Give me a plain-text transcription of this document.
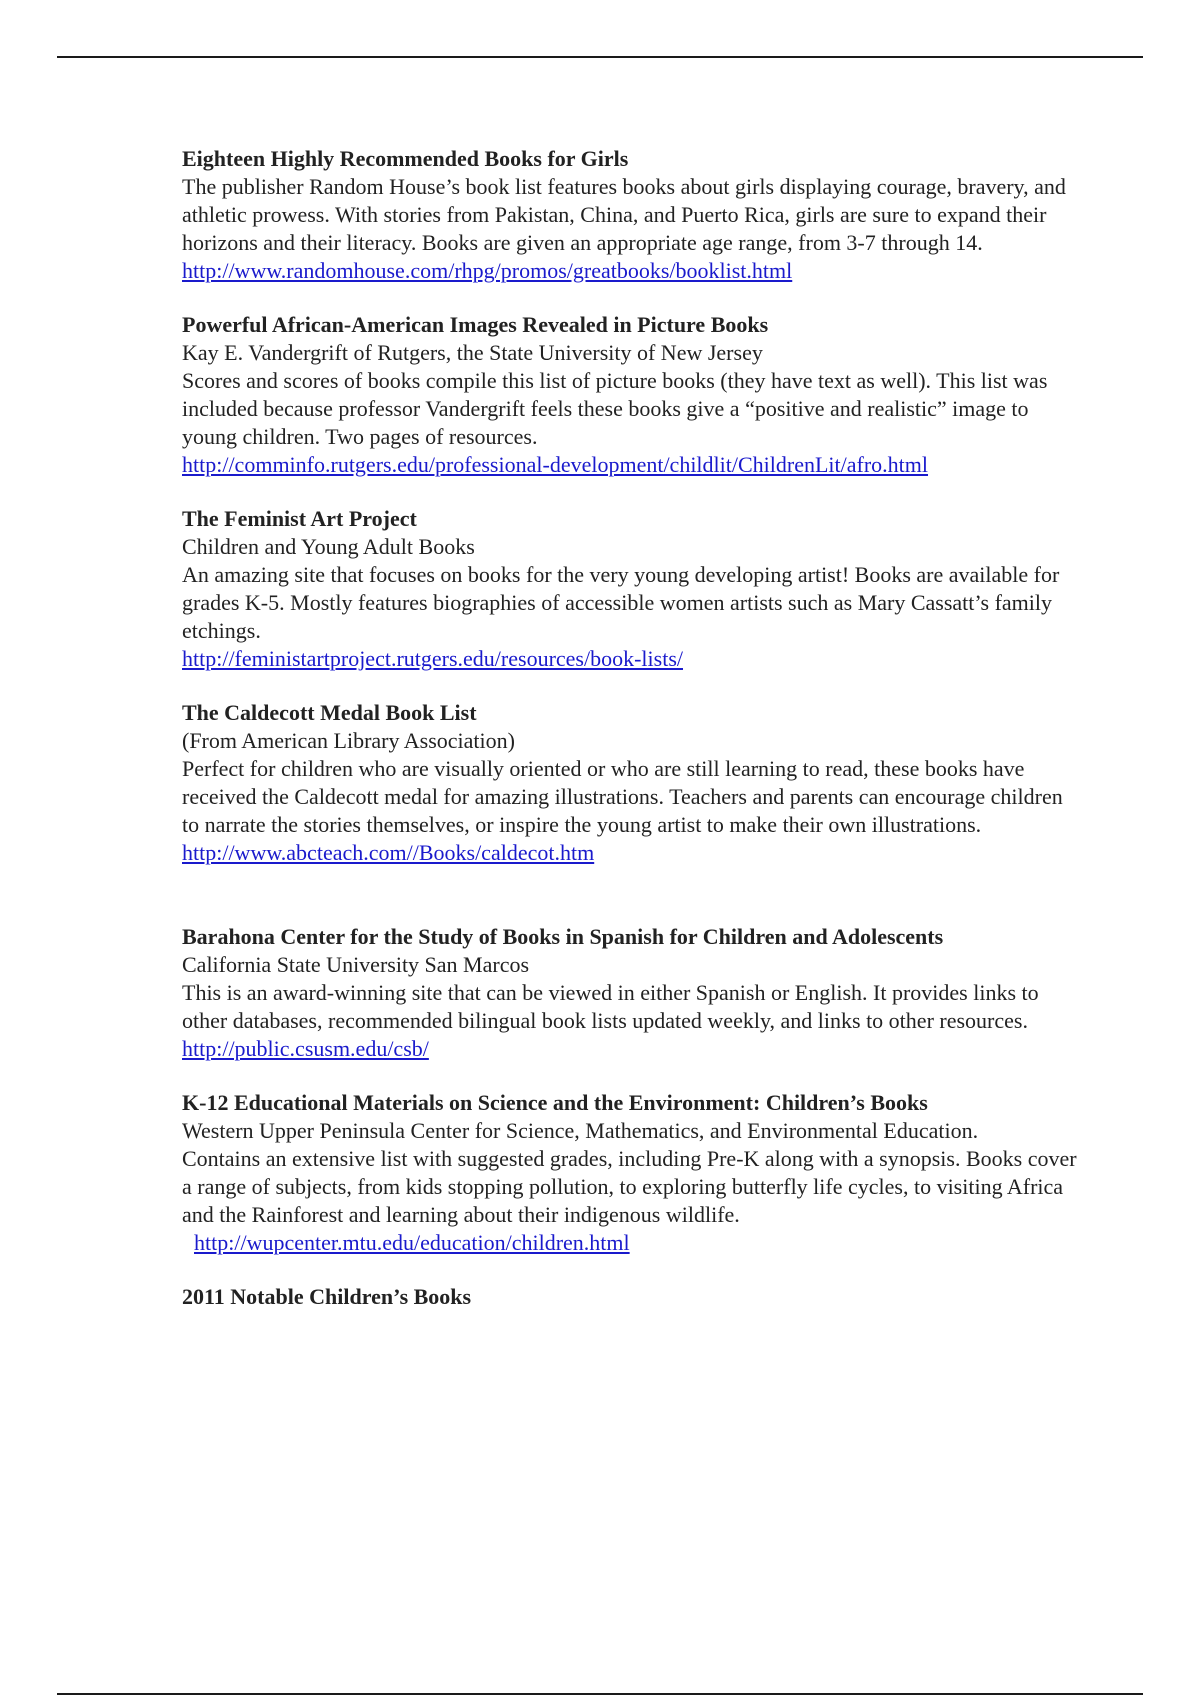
Eighteen Highly Recommended Books for Girls

The publisher Random House’s book list features books about girls displaying courage, bravery, and athletic prowess. With stories from Pakistan, China, and Puerto Rica, girls are sure to expand their horizons and their literacy. Books are given an appropriate age range, from 3-7 through 14.

http://www.randomhouse.com/rhpg/promos/greatbooks/booklist.html

Powerful African-American Images Revealed in Picture Books

Kay E. Vandergrift of Rutgers, the State University of New Jersey

Scores and scores of books compile this list of picture books (they have text as well). This list was included because professor Vandergrift feels these books give a “positive and realistic” image to young children. Two pages of resources.

http://comminfo.rutgers.edu/professional-development/childlit/ChildrenLit/afro.html

The Feminist Art Project

Children and Young Adult Books

An amazing site that focuses on books for the very young developing artist! Books are available for grades K-5. Mostly features biographies of accessible women artists such as Mary Cassatt’s family etchings.

http://feministartproject.rutgers.edu/resources/book-lists/

The Caldecott Medal Book List

(From American Library Association)

Perfect for children who are visually oriented or who are still learning to read, these books have received the Caldecott medal for amazing illustrations. Teachers and parents can encourage children to narrate the stories themselves, or inspire the young artist to make their own illustrations.

http://www.abcteach.com//Books/caldecot.htm

Barahona Center for the Study of Books in Spanish for Children and Adolescents

California State University San Marcos

This is an award-winning site that can be viewed in either Spanish or English. It provides links to other databases, recommended bilingual book lists updated weekly, and links to other resources.

http://public.csusm.edu/csb/

K-12 Educational Materials on Science and the Environment: Children’s Books

Western Upper Peninsula Center for Science, Mathematics, and Environmental Education.

Contains an extensive list with suggested grades, including Pre-K along with a synopsis. Books cover a range of subjects, from kids stopping pollution, to exploring butterfly life cycles, to visiting Africa and the Rainforest and learning about their indigenous wildlife.

http://wupcenter.mtu.edu/education/children.html

2011 Notable Children’s Books
